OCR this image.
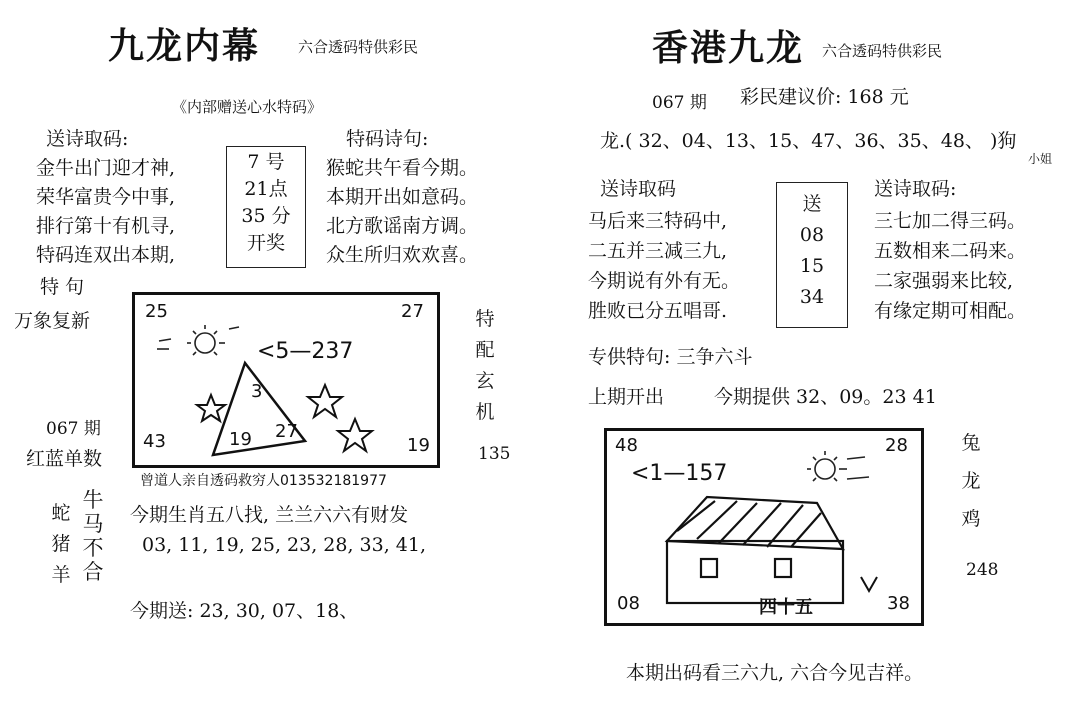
九龙内幕	六合透码特供彩民
《内部赠送心水特码》
送诗取码:	特码诗句:
金牛出门迎才神,
荣华富贵今中事,
排行第十有机寻,
特码连双出本期,
7 号
21点
35 分
开奖
猴蛇共午看今期。
本期开出如意码。
北方歌谣南方调。
众生所归欢欢喜。
特 句
万象复新
067 期
红蓝单数
25	27
43	19
<5—237
3
19 27
特
配
玄
机
135
曾道人亲自透码救穷人013532181977
蛇
猪
羊
牛
马
不
合
今期生肖五八找, 兰兰六六有财发
03, 11, 19, 25, 23, 28, 33, 41,
今期送: 23, 30, 07、18、
香港九龙 六合透码特供彩民
067 期 彩民建议价: 168 元
龙.( 32、04、13、15、47、36、35、48、 )狗
小姐
送诗取码	送诗取码:
马后来三特码中,
二五并三减三九,
今期说有外有无。
胜败已分五唱哥.
送
08
15
34
三七加二得三码。
五数相来二码来。
二家强弱来比较,
有缘定期可相配。
专供特句: 三争六斗
上期开出	今期提供 32、09。23 41
48	28
08	38
<1—157
四十五
兔
龙
鸡
248
本期出码看三六九, 六合今见吉祥。
